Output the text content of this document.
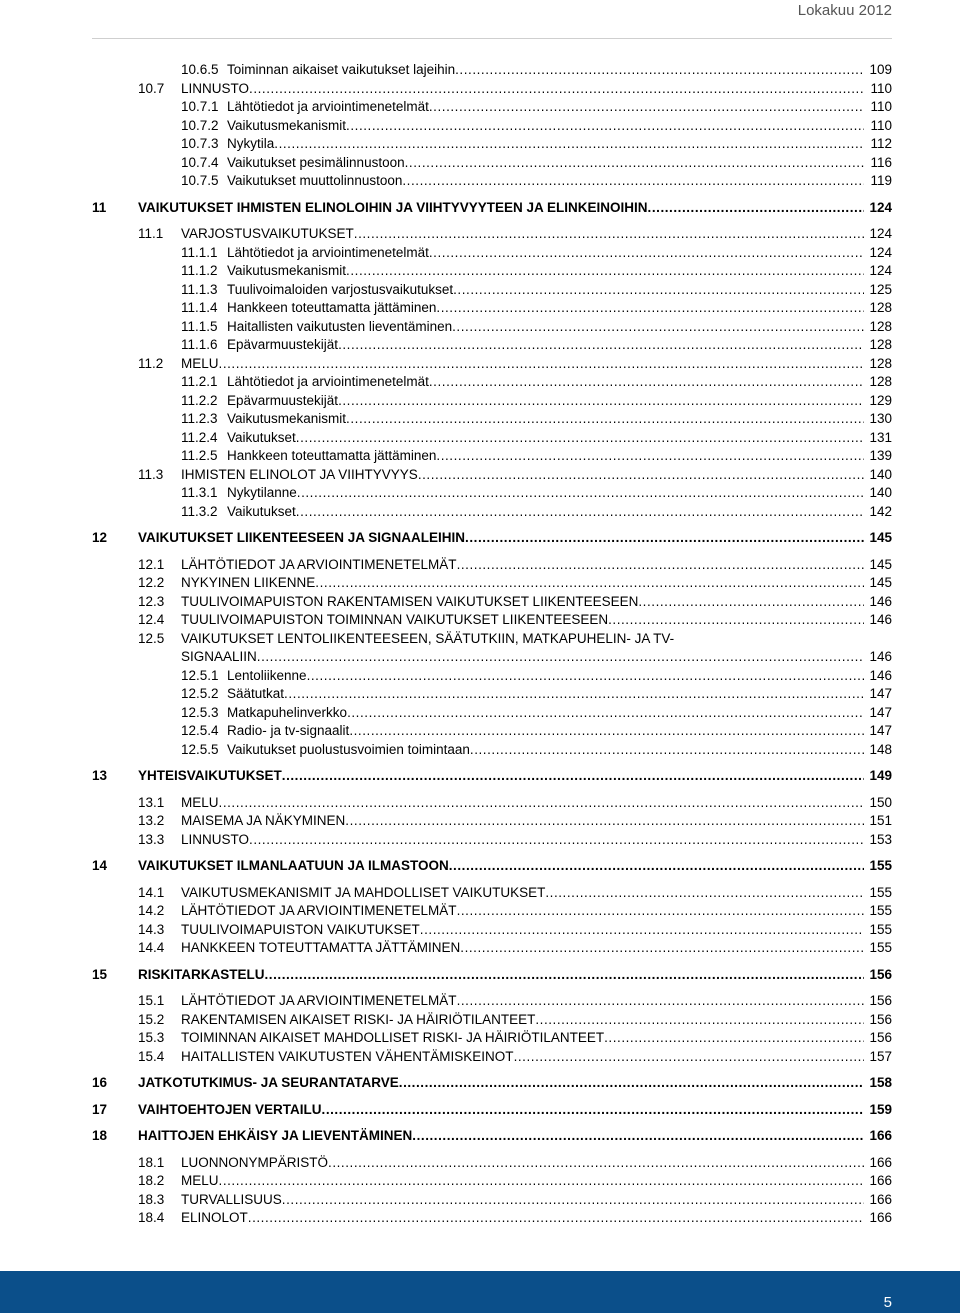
Lokakuu 2012
10.6.5 Toiminnan aikaiset vaikutukset lajeihin . . .	109
10.7	LINNUSTO . . .	110
10.7.1 Lähtötiedot ja arviointimenetelmät . . .	110
10.7.2 Vaikutusmekanismit . . .	110
10.7.3 Nykytila . . .	112
10.7.4 Vaikutukset pesimälinnustoon . . .	116
10.7.5 Vaikutukset muuttolinnustoon . . .	119
11	VAIKUTUKSET IHMISTEN ELINOLOIHIN JA VIIHTYVYYTEEN JA ELINKEINOIHIN . . .	124
11.1	VARJOSTUSVAIKUTUKSET . . .	124
11.1.1 Lähtötiedot ja arviointimenetelmät . . .	124
11.1.2 Vaikutusmekanismit . . .	124
11.1.3 Tuulivoimaloiden varjostusvaikutukset . . .	125
11.1.4 Hankkeen toteuttamatta jättäminen . . .	128
11.1.5 Haitallisten vaikutusten lieventäminen . . .	128
11.1.6 Epävarmuustekijät . . .	128
11.2	MELU . . .	128
11.2.1 Lähtötiedot ja arviointimenetelmät . . .	128
11.2.2 Epävarmuustekijät . . .	129
11.2.3 Vaikutusmekanismit . . .	130
11.2.4 Vaikutukset . . .	131
11.2.5 Hankkeen toteuttamatta jättäminen . . .	139
11.3	IHMISTEN ELINOLOT JA VIIHTYVYYS . . .	140
11.3.1 Nykytilanne . . .	140
11.3.2 Vaikutukset . . .	142
12	VAIKUTUKSET LIIKENTEESEEN JA SIGNAALEIHIN . . .	145
12.1	LÄHTÖTIEDOT JA ARVIOINTIMENETELMÄT . . .	145
12.2	NYKYINEN LIIKENNE . . .	145
12.3	TUULIVOIMAPUISTON RAKENTAMISEN VAIKUTUKSET LIIKENTEESEEN . . .	146
12.4	TUULIVOIMAPUISTON TOIMINNAN VAIKUTUKSET LIIKENTEESEEN . . .	146
12.5	VAIKUTUKSET LENTOLIIKENTEESEEN, SÄÄTUTKIIN, MATKAPUHELIN- JA TV-
SIGNAALIIN . . .	146
12.5.1 Lentoliikenne . . .	146
12.5.2 Säätutkat . . .	147
12.5.3 Matkapuhelinverkko . . .	147
12.5.4 Radio- ja tv-signaalit . . .	147
12.5.5 Vaikutukset puolustusvoimien toimintaan . . .	148
13	YHTEISVAIKUTUKSET . . .	149
13.1	MELU . . .	150
13.2	MAISEMA JA NÄKYMINEN . . .	151
13.3	LINNUSTO . . .	153
14	VAIKUTUKSET ILMANLAATUUN JA ILMASTOON . . .	155
14.1	VAIKUTUSMEKANISMIT JA MAHDOLLISET VAIKUTUKSET . . .	155
14.2	LÄHTÖTIEDOT JA ARVIOINTIMENETELMÄT . . .	155
14.3	TUULIVOIMAPUISTON VAIKUTUKSET . . .	155
14.4	HANKKEEN TOTEUTTAMATTA JÄTTÄMINEN . . .	155
15	RISKITARKASTELU . . .	156
15.1	LÄHTÖTIEDOT JA ARVIOINTIMENETELMÄT . . .	156
15.2	RAKENTAMISEN AIKAISET RISKI- JA HÄIRIÖTILANTEET . . .	156
15.3	TOIMINNAN AIKAISET MAHDOLLISET RISKI- JA HÄIRIÖTILANTEET . . .	156
15.4	HAITALLISTEN VAIKUTUSTEN VÄHENTÄMISKEINOT . . .	157
16	JATKOTUTKIMUS- JA SEURANTATARVE . . .	158
17	VAIHTOEHTOJEN VERTAILU . . .	159
18	HAITTOJEN EHKÄISY JA LIEVENTÄMINEN . . .	166
18.1	LUONNONYMPÄRISTÖ . . .	166
18.2	MELU . . .	166
18.3	TURVALLISUUS . . .	166
18.4	ELINOLOT . . .	166
5
